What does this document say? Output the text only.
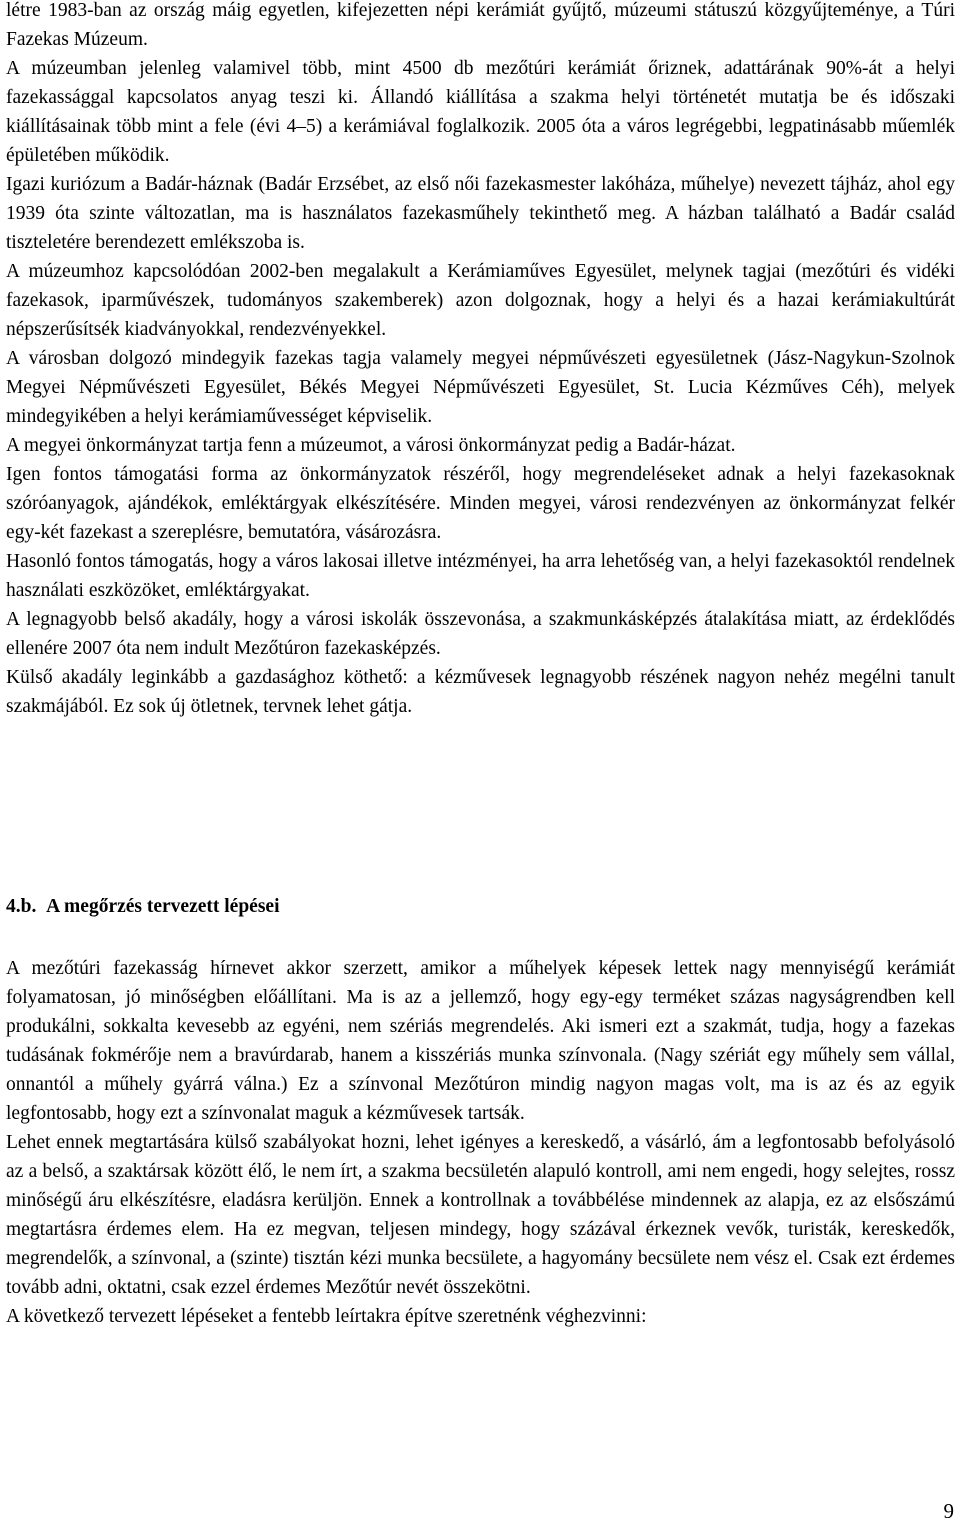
létre 1983-ban az ország máig egyetlen, kifejezetten népi kerámiát gyűjtő, múzeumi státuszú közgyűjteménye, a Túri Fazekas Múzeum.

A múzeumban jelenleg valamivel több, mint 4500 db mezőtúri kerámiát őriznek, adattárának 90%-át a helyi fazekassággal kapcsolatos anyag teszi ki. Állandó kiállítása a szakma helyi történetét mutatja be és időszaki kiállításainak több mint a fele (évi 4–5) a kerámiával foglalkozik. 2005 óta a város legrégebbi, legpatinásabb műemlék épületében működik.

Igazi kuriózum a Badár-háznak (Badár Erzsébet, az első női fazekasmester lakóháza, műhelye) nevezett tájház, ahol egy 1939 óta szinte változatlan, ma is használatos fazekasműhely tekinthető meg. A házban található a Badár család tiszteletére berendezett emlékszoba is.

A múzeumhoz kapcsolódóan 2002-ben megalakult a Kerámiaműves Egyesület, melynek tagjai (mezőtúri és vidéki fazekasok, iparművészek, tudományos szakemberek) azon dolgoznak, hogy a helyi és a hazai kerámiakultúrát népszerűsítsék kiadványokkal, rendezvényekkel.

A városban dolgozó mindegyik fazekas tagja valamely megyei népművészeti egyesületnek (Jász-Nagykun-Szolnok Megyei Népművészeti Egyesület, Békés Megyei Népművészeti Egyesület, St. Lucia Kézműves Céh), melyek mindegyikében a helyi kerámiaművességet képviselik.

A megyei önkormányzat tartja fenn a múzeumot, a városi önkormányzat pedig a Badár-házat.

Igen fontos támogatási forma az önkormányzatok részéről, hogy megrendeléseket adnak a helyi fazekasoknak szóróanyagok, ajándékok, emléktárgyak elkészítésére. Minden megyei, városi rendezvényen az önkormányzat felkér egy-két fazekast a szereplésre, bemutatóra, vásározásra.

Hasonló fontos támogatás, hogy a város lakosai illetve intézményei, ha arra lehetőség van, a helyi fazekasoktól rendelnek használati eszközöket, emléktárgyakat.

A legnagyobb belső akadály, hogy a városi iskolák összevonása, a szakmunkásképzés átalakítása miatt, az érdeklődés ellenére 2007 óta nem indult Mezőtúron fazekasképzés.

Külső akadály leginkább a gazdasághoz köthető: a kézművesek legnagyobb részének nagyon nehéz megélni tanult szakmájából. Ez sok új ötletnek, tervnek lehet gátja.

4.b. A megőrzés tervezett lépései

A mezőtúri fazekasság hírnevet akkor szerzett, amikor a műhelyek képesek lettek nagy mennyiségű kerámiát folyamatosan, jó minőségben előállítani. Ma is az a jellemző, hogy egy-egy terméket százas nagyságrendben kell produkálni, sokkalta kevesebb az egyéni, nem szériás megrendelés. Aki ismeri ezt a szakmát, tudja, hogy a fazekas tudásának fokmérője nem a bravúrdarab, hanem a kisszériás munka színvonala. (Nagy szériát egy műhely sem vállal, onnantól a műhely gyárrá válna.) Ez a színvonal Mezőtúron mindig nagyon magas volt, ma is az és az egyik legfontosabb, hogy ezt a színvonalat maguk a kézművesek tartsák.

Lehet ennek megtartására külső szabályokat hozni, lehet igényes a kereskedő, a vásárló, ám a legfontosabb befolyásoló az a belső, a szaktársak között élő, le nem írt, a szakma becsületén alapuló kontroll, ami nem engedi, hogy selejtes, rossz minőségű áru elkészítésre, eladásra kerüljön. Ennek a kontrollnak a továbbélése mindennek az alapja, ez az elsőszámú megtartásra érdemes elem. Ha ez megvan, teljesen mindegy, hogy százával érkeznek vevők, turisták, kereskedők, megrendelők, a színvonal, a (szinte) tisztán kézi munka becsülete, a hagyomány becsülete nem vész el. Csak ezt érdemes tovább adni, oktatni, csak ezzel érdemes Mezőtúr nevét összekötni.

A következő tervezett lépéseket a fentebb leírtakra építve szeretnénk véghezvinni:

9
